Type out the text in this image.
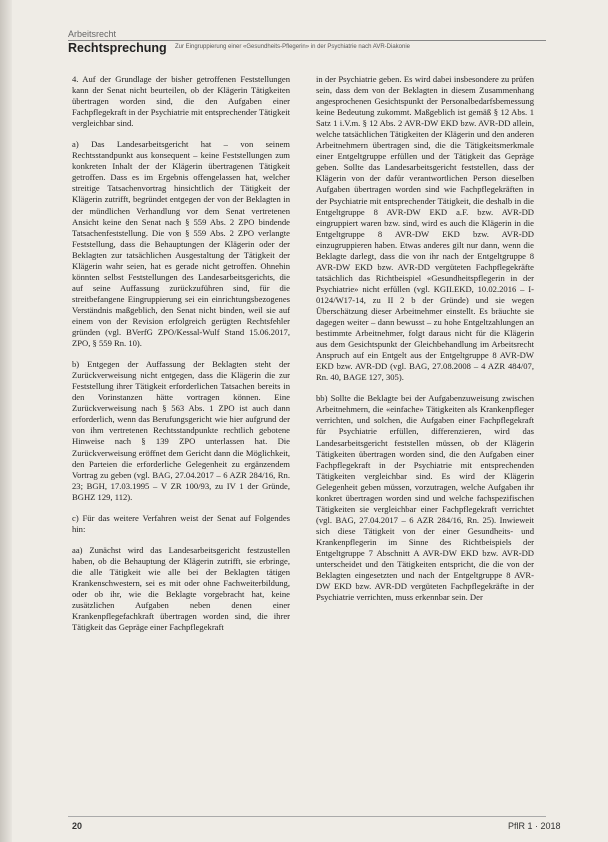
Arbeitsrecht
Rechtsprechung Zur Eingruppierung einer «Gesundheits-Pflegerin» in der Psychiatrie nach AVR-Diakonie

4. Auf der Grundlage der bisher getroffenen Feststellungen kann der Senat nicht beurteilen, ob der Klägerin Tätigkeiten übertragen worden sind, die den Aufgaben einer Fachpflegekraft in der Psychiatrie mit entsprechender Tätigkeit vergleichbar sind.

a) Das Landesarbeitsgericht hat – von seinem Rechtsstandpunkt aus konsequent – keine Feststellungen zum konkreten Inhalt der der Klägerin übertragenen Tätigkeit getroffen. Dass es im Ergebnis offengelassen hat, welcher streitige Tatsachenvortrag hinsichtlich der Tätigkeit der Klägerin zutrifft, begründet entgegen der von der Beklagten in der mündlichen Verhandlung vor dem Senat vertretenen Ansicht keine den Senat nach § 559 Abs. 2 ZPO bindende Tatsachenfeststellung. Die von § 559 Abs. 2 ZPO verlangte Feststellung, dass die Behauptungen der Klägerin oder der Beklagten zur tatsächlichen Ausgestaltung der Tätigkeit der Klägerin wahr seien, hat es gerade nicht getroffen. Ohnehin könnten selbst Feststellungen des Landesarbeitsgerichts, die auf seine Auffassung zurückzuführen sind, für die streitbefangene Eingruppierung sei ein einrichtungsbezogenes Verständnis maßgeblich, den Senat nicht binden, weil sie auf einem von der Revision erfolgreich gerügten Rechtsfehler gründen (vgl. BVerfG ZPO/Kessal-Wulf Stand 15.06.2017, ZPO, § 559 Rn. 10).

b) Entgegen der Auffassung der Beklagten steht der Zurückverweisung nicht entgegen, dass die Klägerin die zur Feststellung ihrer Tätigkeit erforderlichen Tatsachen bereits in den Vorinstanzen hätte vortragen können. Eine Zurückverweisung nach § 563 Abs. 1 ZPO ist auch dann erforderlich, wenn das Berufungsgericht wie hier aufgrund der von ihm vertretenen Rechtsstandpunkte rechtlich gebotene Hinweise nach § 139 ZPO unterlassen hat. Die Zurückverweisung eröffnet dem Gericht dann die Möglichkeit, den Parteien die erforderliche Gelegenheit zu ergänzendem Vortrag zu geben (vgl. BAG, 27.04.2017 – 6 AZR 284/16, Rn. 23; BGH, 17.03.1995 – V ZR 100/93, zu IV 1 der Gründe, BGHZ 129, 112).

c) Für das weitere Verfahren weist der Senat auf Folgendes hin:

aa) Zunächst wird das Landesarbeitsgericht festzustellen haben, ob die Behauptung der Klägerin zutrifft, sie erbringe, die alle Tätigkeit wie alle bei der Beklagten tätigen Krankenschwestern, sei es mit oder ohne Fachweiterbildung, oder ob ihr, wie die Beklagte vorgebracht hat, keine zusätzlichen Aufgaben neben denen einer Krankenpflegefachkraft übertragen worden sind, die ihrer Tätigkeit das Gepräge einer Fachpflegekraft

in der Psychiatrie geben. Es wird dabei insbesondere zu prüfen sein, dass dem von der Beklagten in diesem Zusammenhang angesprochenen Gesichtspunkt der Personalbedarfsbemessung keine Bedeutung zukommt. Maßgeblich ist gemäß § 12 Abs. 1 Satz 1 i.V.m. § 12 Abs. 2 AVR-DW EKD bzw. AVR-DD allein, welche tatsächlichen Tätigkeiten der Klägerin und den anderen Arbeitnehmern übertragen sind, die die Tätigkeitsmerkmale einer Entgeltgruppe erfüllen und der Tätigkeit das Gepräge geben. Sollte das Landesarbeitsgericht feststellen, dass der Klägerin von der dafür verantwortlichen Person dieselben Aufgaben übertragen worden sind wie Fachpflegekräften in der Psychiatrie mit entsprechender Tätigkeit, die deshalb in die Entgeltgruppe 8 AVR-DW EKD a.F. bzw. AVR-DD eingruppiert waren bzw. sind, wird es auch die Klägerin in die Entgeltgruppe 8 AVR-DW EKD bzw. AVR-DD einzugruppieren haben. Etwas anderes gilt nur dann, wenn die Beklagte darlegt, dass die von ihr nach der Entgeltgruppe 8 AVR-DW EKD bzw. AVR-DD vergüteten Fachpflegekräfte tatsächlich das Richtbeispiel «Gesundheitspflegerin in der Psychiatrie» nicht erfüllen (vgl. KGII.EKD, 10.02.2016 – I-0124/W17-14, zu II 2 b der Gründe) und sie wegen Überschätzung dieser Arbeitnehmer einstellt. Es bräuchte sie dagegen weiter – dann bewusst – zu hohe Entgeltzahlungen an bestimmte Arbeitnehmer, folgt daraus nicht für die Klägerin aus dem Gesichtspunkt der Gleichbehandlung im Arbeitsrecht Anspruch auf ein Entgelt aus der Entgeltgruppe 8 AVR-DW EKD bzw. AVR-DD (vgl. BAG, 27.08.2008 – 4 AZR 484/07, Rn. 40, BAGE 127, 305).

bb) Sollte die Beklagte bei der Aufgabenzuweisung zwischen Arbeitnehmern, die «einfache» Tätigkeiten als Krankenpfleger verrichten, und solchen, die Aufgaben einer Fachpflegekraft für Psychiatrie erfüllen, differenzieren, wird das Landesarbeitsgericht feststellen müssen, ob der Klägerin Tätigkeiten übertragen worden sind, die den Aufgaben einer Fachpflegekraft in der Psychiatrie mit entsprechenden Tätigkeiten vergleichbar sind. Es wird der Klägerin Gelegenheit geben müssen, vorzutragen, welche Aufgaben ihr konkret übertragen worden sind und welche fachspezifischen Tätigkeiten sie vergleichbar einer Fachpflegekraft verrichtet (vgl. BAG, 27.04.2017 – 6 AZR 284/16, Rn. 25). Inwieweit sich diese Tätigkeit von der einer Gesundheits- und Krankenpflegerin im Sinne des Richtbeispiels der Entgeltgruppe 7 Abschnitt A AVR-DW EKD bzw. AVR-DD unterscheidet und den Tätigkeiten entspricht, die die von der Beklagten eingesetzten und nach der Entgeltgruppe 8 AVR-DW EKD bzw. AVR-DD vergüteten Fachpflegekräfte in der Psychiatrie verrichten, muss erkennbar sein. Der

20	PflR 1 · 2018
